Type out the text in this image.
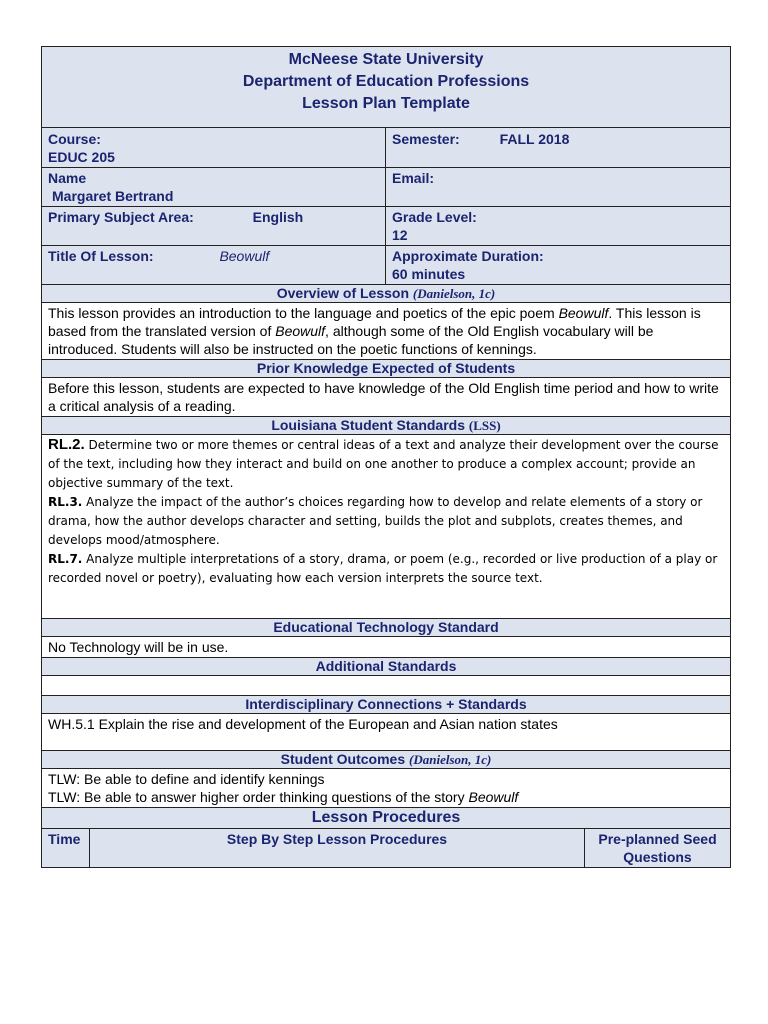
McNeese State University
Department of Education Professions
Lesson Plan Template			

Course:
EDUC 205		Semester: FALL 2018	

Name
Margaret Bertrand		Email:	

Primary Subject Area: English		Grade Level:
12	

Title Of Lesson: Beowulf		Approximate Duration:
60 minutes	

Overview of Lesson (Danielson, 1c)			
This lesson provides an introduction to the language and poetics of the epic poem Beowulf. This lesson is based from the translated version of Beowulf, although some of the Old English vocabulary will be introduced. Students will also be instructed on the poetic functions of kennings.			
Prior Knowledge Expected of Students			
Before this lesson, students are expected to have knowledge of the Old English time period and how to write a critical analysis of a reading.			
Louisiana Student Standards (LSS)			

RL.2. Determine two or more themes or central ideas of a text and analyze their development over the course of the text, including how they interact and build on one another to produce a complex account; provide an objective summary of the text.
RL.3. Analyze the impact of the author’s choices regarding how to develop and relate elements of a story or drama, how the author develops character and setting, builds the plot and subplots, creates themes, and develops mood/atmosphere.
RL.7. Analyze multiple interpretations of a story, drama, or poem (e.g., recorded or live production of a play or recorded novel or poetry), evaluating how each version interprets the source text.			

Educational Technology Standard			
No Technology will be in use.			
Additional Standards			

Interdisciplinary Connections + Standards			
WH.5.1 Explain the rise and development of the European and Asian nation states			
Student Outcomes (Danielson, 1c)			

TLW: Be able to define and identify kennings
TLW: Be able to answer higher order thinking questions of the story Beowulf			

Lesson Procedures			
Time	Step By Step Lesson Procedures		Pre-planned Seed Questions
